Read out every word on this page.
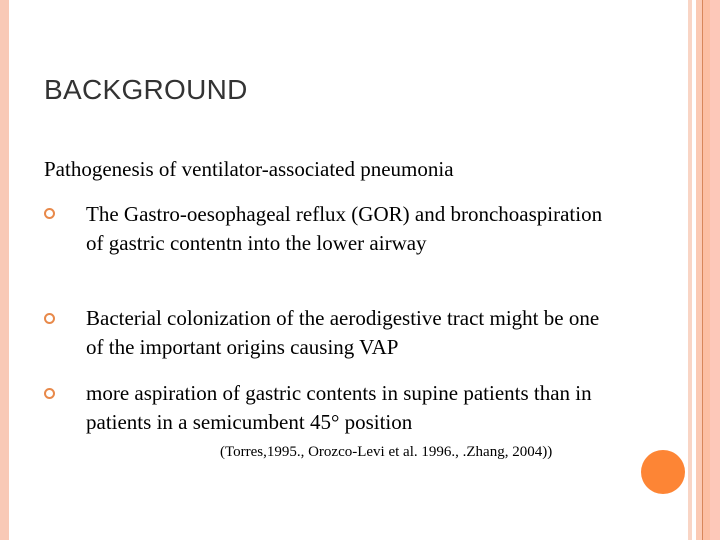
BACKGROUND
Pathogenesis of ventilator-associated pneumonia
The Gastro-oesophageal reflux (GOR) and bronchoaspiration of gastric contentn into the lower airway
Bacterial colonization of the aerodigestive tract might be one of the important origins causing VAP
more aspiration of gastric contents in supine patients than in patients in a semicumbent 45° position
(Torres,1995., Orozco-Levi et al. 1996., .Zhang, 2004))
